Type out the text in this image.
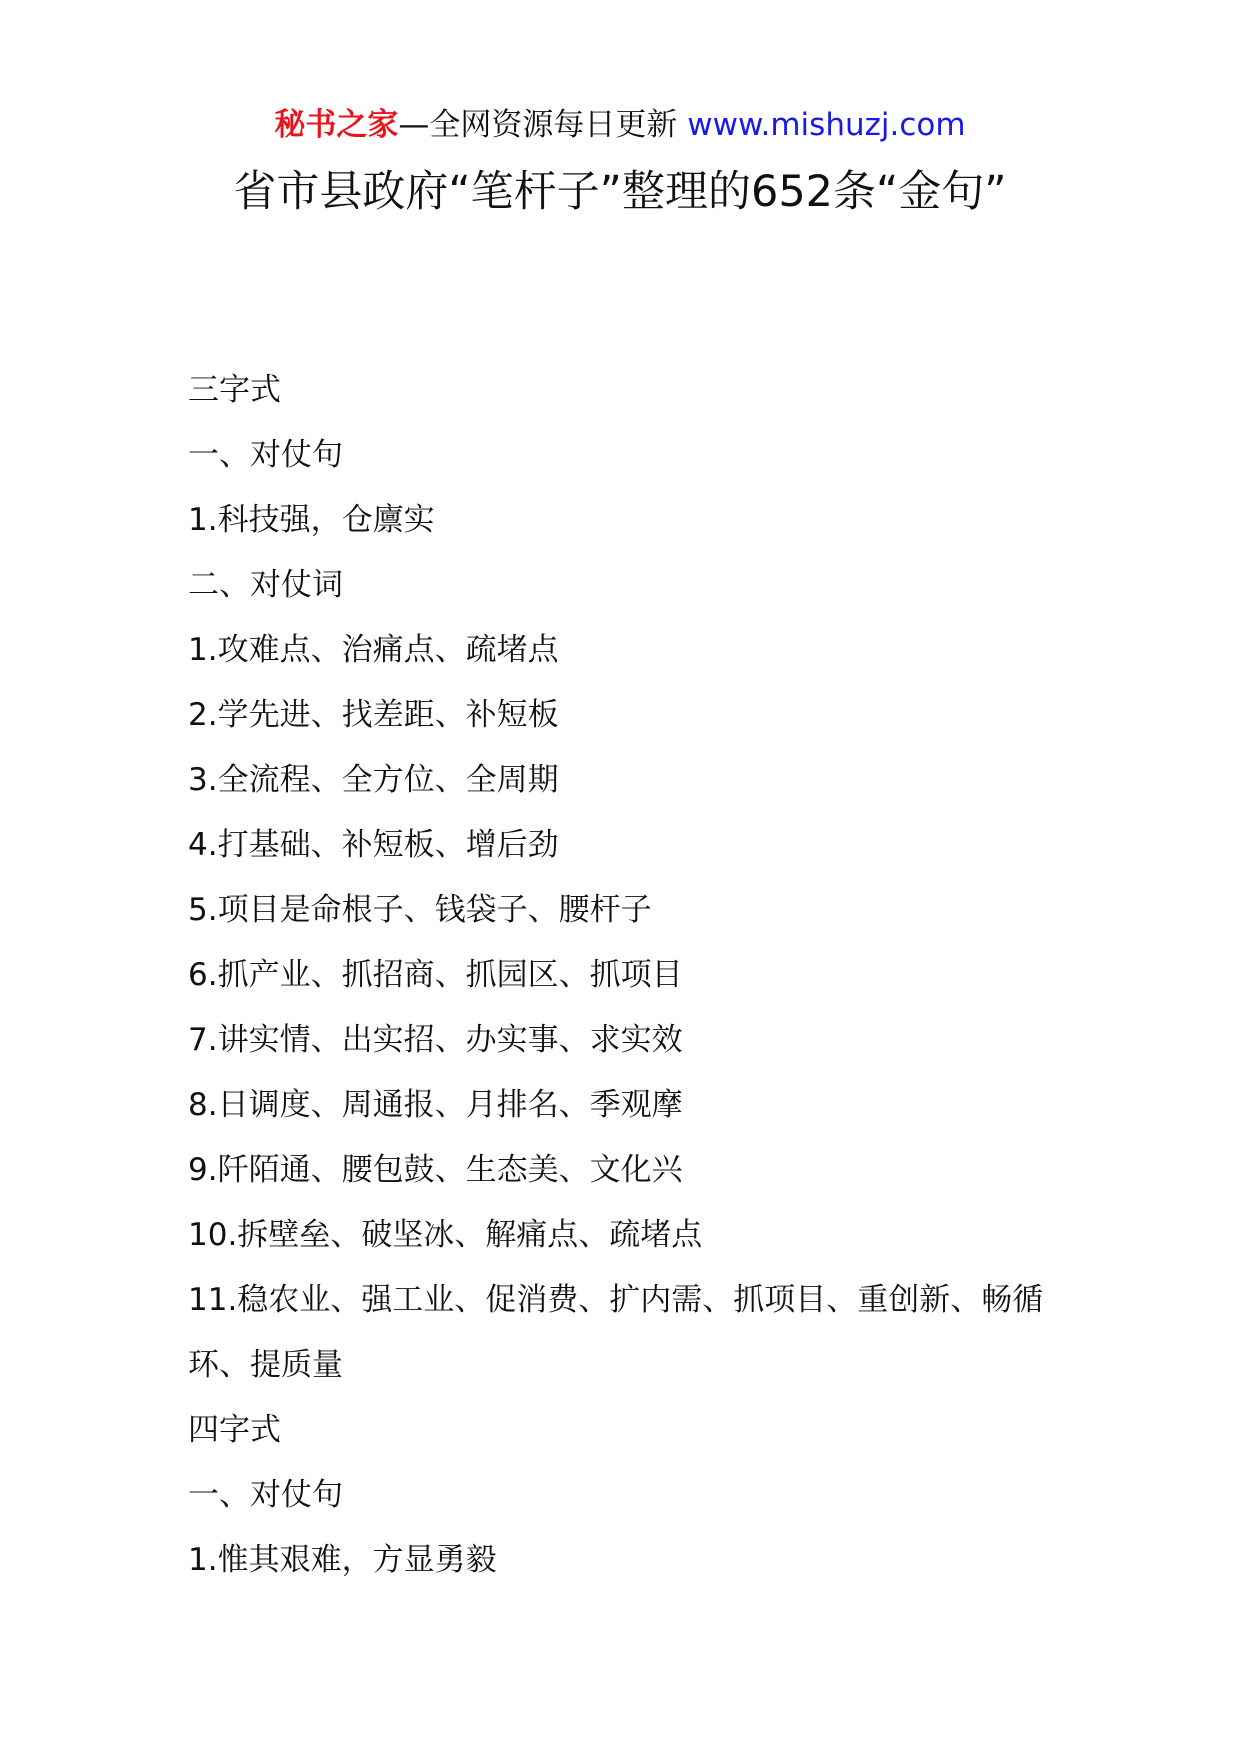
秘书之家—全网资源每日更新 www.mishuzj.com
省市县政府“笔杆子”整理的652条“金句”
三字式
一、对仗句
1.科技强，仓廪实
二、对仗词
1.攻难点、治痛点、疏堵点
2.学先进、找差距、补短板
3.全流程、全方位、全周期
4.打基础、补短板、增后劲
5.项目是命根子、钱袋子、腰杆子
6.抓产业、抓招商、抓园区、抓项目
7.讲实情、出实招、办实事、求实效
8.日调度、周通报、月排名、季观摩
9.阡陌通、腰包鼓、生态美、文化兴
10.拆壁垒、破坚冰、解痛点、疏堵点
11.稳农业、强工业、促消费、扩内需、抓项目、重创新、畅循环、提质量
四字式
一、对仗句
1.惟其艰难，方显勇毅
